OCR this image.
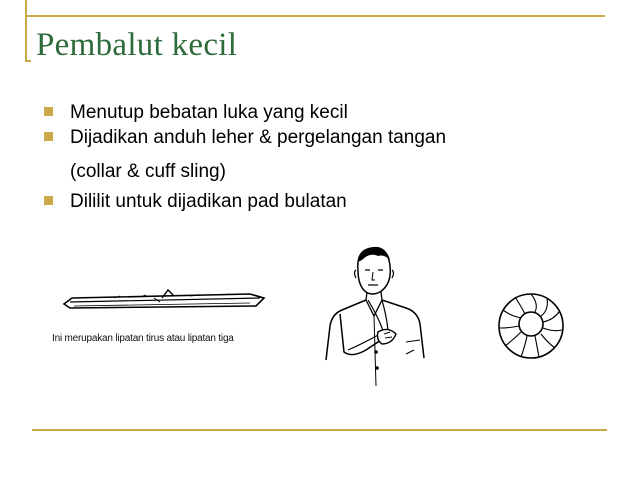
Pembalut kecil
Menutup bebatan luka yang kecil
Dijadikan anduh leher & pergelangan tangan
(collar & cuff sling)
Dililit untuk dijadikan pad bulatan
Ini merupakan lipatan tirus atau lipatan tiga
